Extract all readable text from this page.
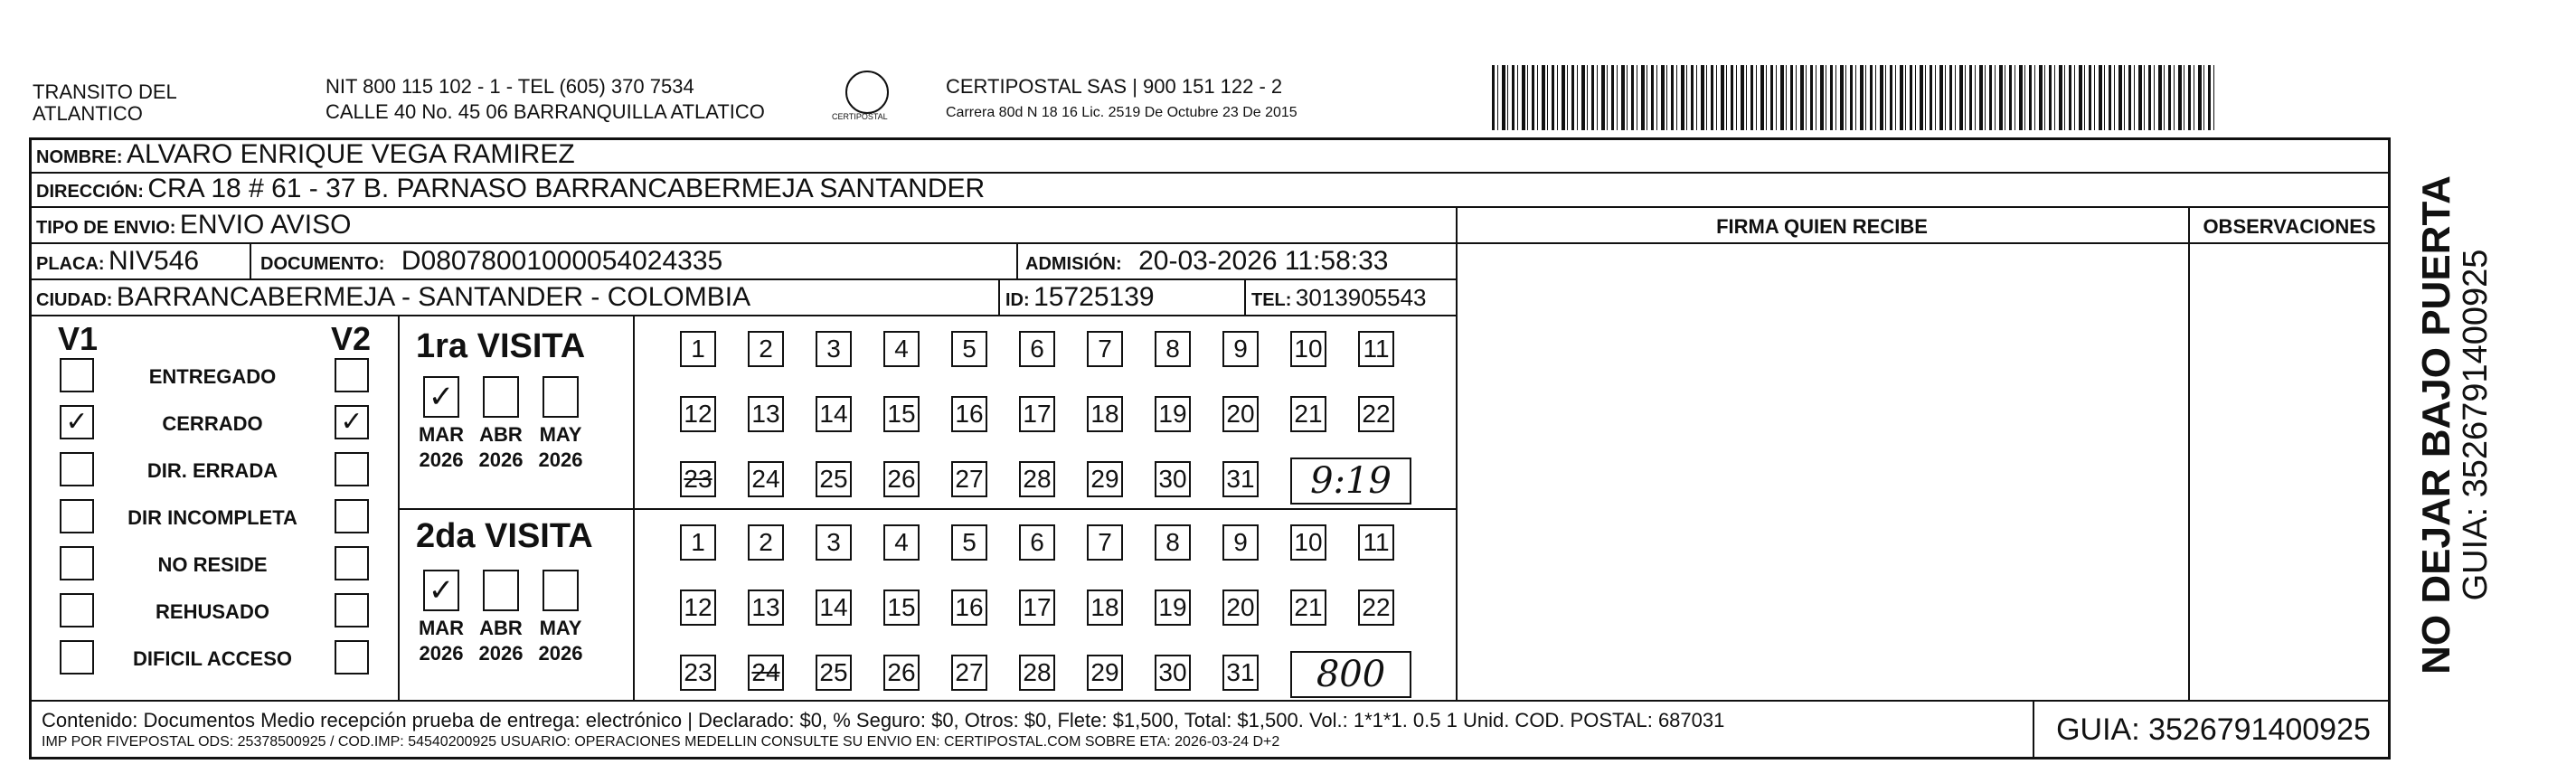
TRANSITO DEL
ATLANTICO
NIT 800 115 102 - 1 - TEL (605) 370 7534
CALLE 40 No. 45 06 BARRANQUILLA ATLATICO	CERTIPOSTAL
CERTIPOSTAL SAS | 900 151 122 - 2
Carrera 80d N 18 16 Lic. 2519 De Octubre 23 De 2015
NOMBRE: ALVARO ENRIQUE VEGA RAMIREZ
DIRECCIÓN: CRA 18 # 61 - 37 B. PARNASO BARRANCABERMEJA SANTANDER
TIPO DE ENVIO: ENVIO AVISO	FIRMA QUIEN RECIBE	OBSERVACIONES
PLACA: NIV546	DOCUMENTO: D08078001000054024335	ADMISIÓN: 20-03-2026 11:58:33
CIUDAD: BARRANCABERMEJA - SANTANDER - COLOMBIA	ID: 15725139	TEL: 3013905543
V1	V2
ENTREGADO
✓	CERRADO	✓
DIR. ERRADA
DIR INCOMPLETA
NO RESIDE
REHUSADO
DIFICIL ACCESO
1ra VISITA
2da VISITA
✓
MAR
2026
ABR
2026
MAY
2026
1	2	3	4	5	6	7	8	9	10 11
12 13 14 15 16 17 18 19 20 21 22
23 24 25 26 27 28 29 30 31	9:19
✓
MAR
2026
ABR
2026
MAY
2026
1	2	3	4	5	6	7	8	9	10 11
12 13 14 15 16 17 18 19 20 21 22
23 24 25 26 27 28 29 30 31	800
Contenido: Documentos Medio recepción prueba de entrega: electrónico | Declarado: $0, % Seguro: $0, Otros: $0, Flete: $1,500, Total: $1,500. Vol.: 1*1*1. 0.5 1 Unid. COD. POSTAL: 687031
IMP POR FIVEPOSTAL ODS: 25378500925 / COD.IMP: 54540200925 USUARIO: OPERACIONES MEDELLIN CONSULTE SU ENVIO EN: CERTIPOSTAL.COM SOBRE ETA: 2026-03-24 D+2	GUIA: 3526791400925
NO DEJAR BAJO PUERTA
GUIA: 3526791400925
